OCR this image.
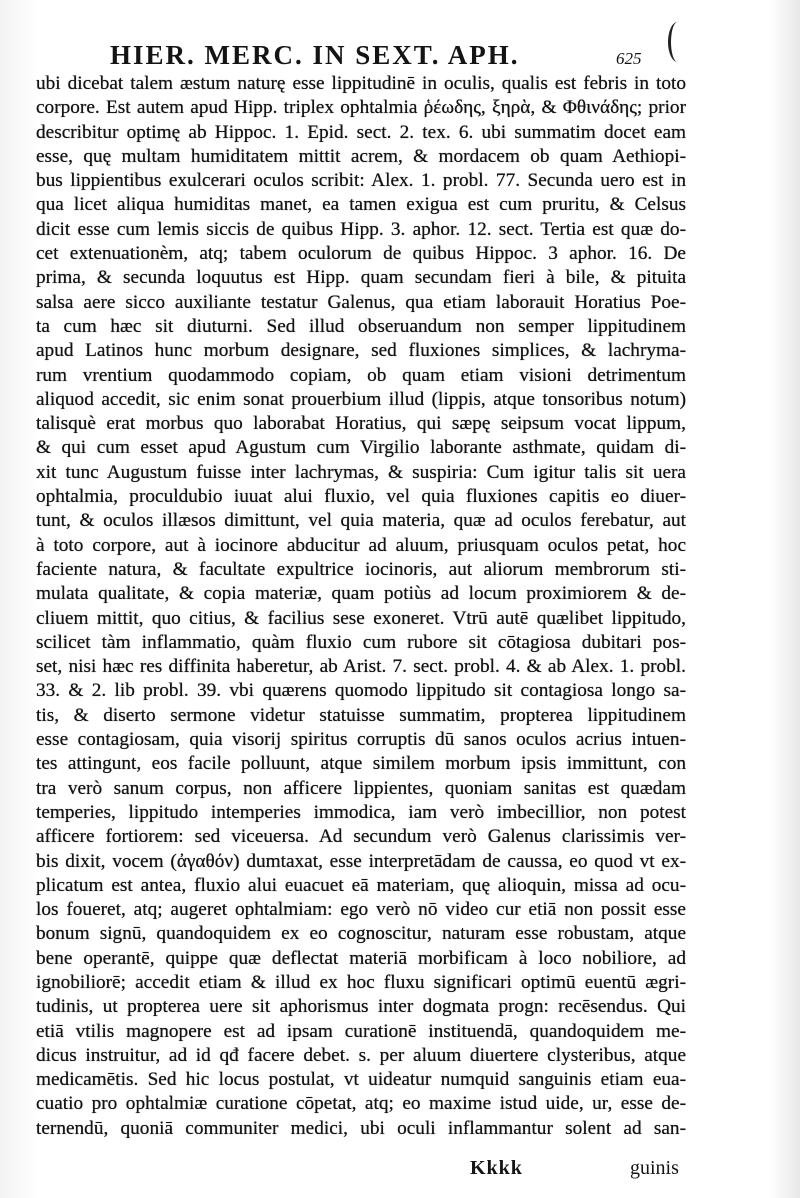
HIER. MERC. IN SEXT. APH.	625
ubi dicebat talem æstum naturę esse lippitudinē in oculis, qualis est febris in toto
corpore. Est autem apud Hipp. triplex ophtalmia ῥέωδης, ξηρὰ, & Φθινάδης; prior
describitur optimę ab Hippoc. 1. Epid. sect. 2. tex. 6. ubi summatim docet eam
esse, quę multam humiditatem mittit acrem, & mordacem ob quam Aethiopi-
bus lippientibus exulcerari oculos scribit: Alex. 1. probl. 77. Secunda uero est in
qua licet aliqua humiditas manet, ea tamen exigua est cum pruritu, & Celsus
dicit esse cum lemis siccis de quibus Hipp. 3. aphor. 12. sect. Tertia est quæ do-
cet extenuationèm, atq; tabem oculorum de quibus Hippoc. 3 aphor. 16. De
prima, & secunda loquutus est Hipp. quam secundam fieri à bile, & pituita
salsa aere sicco auxiliante testatur Galenus, qua etiam laborauit Horatius Poe-
ta cum hæc sit diuturni. Sed illud obseruandum non semper lippitudinem
apud Latinos hunc morbum designare, sed fluxiones simplices, & lachryma-
rum vrentium quodammodo copiam, ob quam etiam visioni detrimentum
aliquod accedit, sic enim sonat prouerbium illud (lippis, atque tonsoribus notum)
talisquè erat morbus quo laborabat Horatius, qui sæpę seipsum vocat lippum,
& qui cum esset apud Agustum cum Virgilio laborante asthmate, quidam di-
xit tunc Augustum fuisse inter lachrymas, & suspiria: Cum igitur talis sit uera
ophtalmia, proculdubio iuuat alui fluxio, vel quia fluxiones capitis eo diuer-
tunt, & oculos illæsos dimittunt, vel quia materia, quæ ad oculos ferebatur, aut
à toto corpore, aut à iocinore abducitur ad aluum, priusquam oculos petat, hoc
faciente natura, & facultate expultrice iocinoris, aut aliorum membrorum sti-
mulata qualitate, & copia materiæ, quam potiùs ad locum proximiorem & de-
cliuem mittit, quo citius, & facilius sese exoneret. Vtrū autē quælibet lippitudo,
scilicet tàm inflammatio, quàm fluxio cum rubore sit cōtagiosa dubitari pos-
set, nisi hæc res diffinita haberetur, ab Arist. 7. sect. probl. 4. & ab Alex. 1. probl.
33. & 2. lib probl. 39. vbi quærens quomodo lippitudo sit contagiosa longo sa-
tis, & diserto sermone videtur statuisse summatim, propterea lippitudinem
esse contagiosam, quia visorij spiritus corruptis dū sanos oculos acrius intuen-
tes attingunt, eos facile polluunt, atque similem morbum ipsis immittunt, con
tra verò sanum corpus, non afficere lippientes, quoniam sanitas est quædam
temperies, lippitudo intemperies immodica, iam verò imbecillior, non potest
afficere fortiorem: sed viceuersa. Ad secundum verò Galenus clarissimis ver-
bis dixit, vocem (ἀγαθόν) dumtaxat, esse interpretādam de caussa, eo quod vt ex-
plicatum est antea, fluxio alui euacuet eā materiam, quę alioquin, missa ad ocu-
los foueret, atq; augeret ophtalmiam: ego verò nō video cur etiā non possit esse
bonum signū, quandoquidem ex eo cognoscitur, naturam esse robustam, atque
bene operantē, quippe quæ deflectat materiā morbificam à loco nobiliore, ad
ignobiliorē; accedit etiam & illud ex hoc fluxu significari optimū euentū ægri-
tudinis, ut propterea uere sit aphorismus inter dogmata progn: recēsendus. Qui
etiā vtilis magnopere est ad ipsam curationē instituendā, quandoquidem me-
dicus instruitur, ad id qđ facere debet. s. per aluum diuertere clysteribus, atque
medicamētis. Sed hic locus postulat, vt uideatur numquid sanguinis etiam eua-
cuatio pro ophtalmiæ curatione cōpetat, atq; eo maxime istud uide, ur, esse de-
ternendū, quoniā communiter medici, ubi oculi inflammantur solent ad san-
Kkkk	guinis
